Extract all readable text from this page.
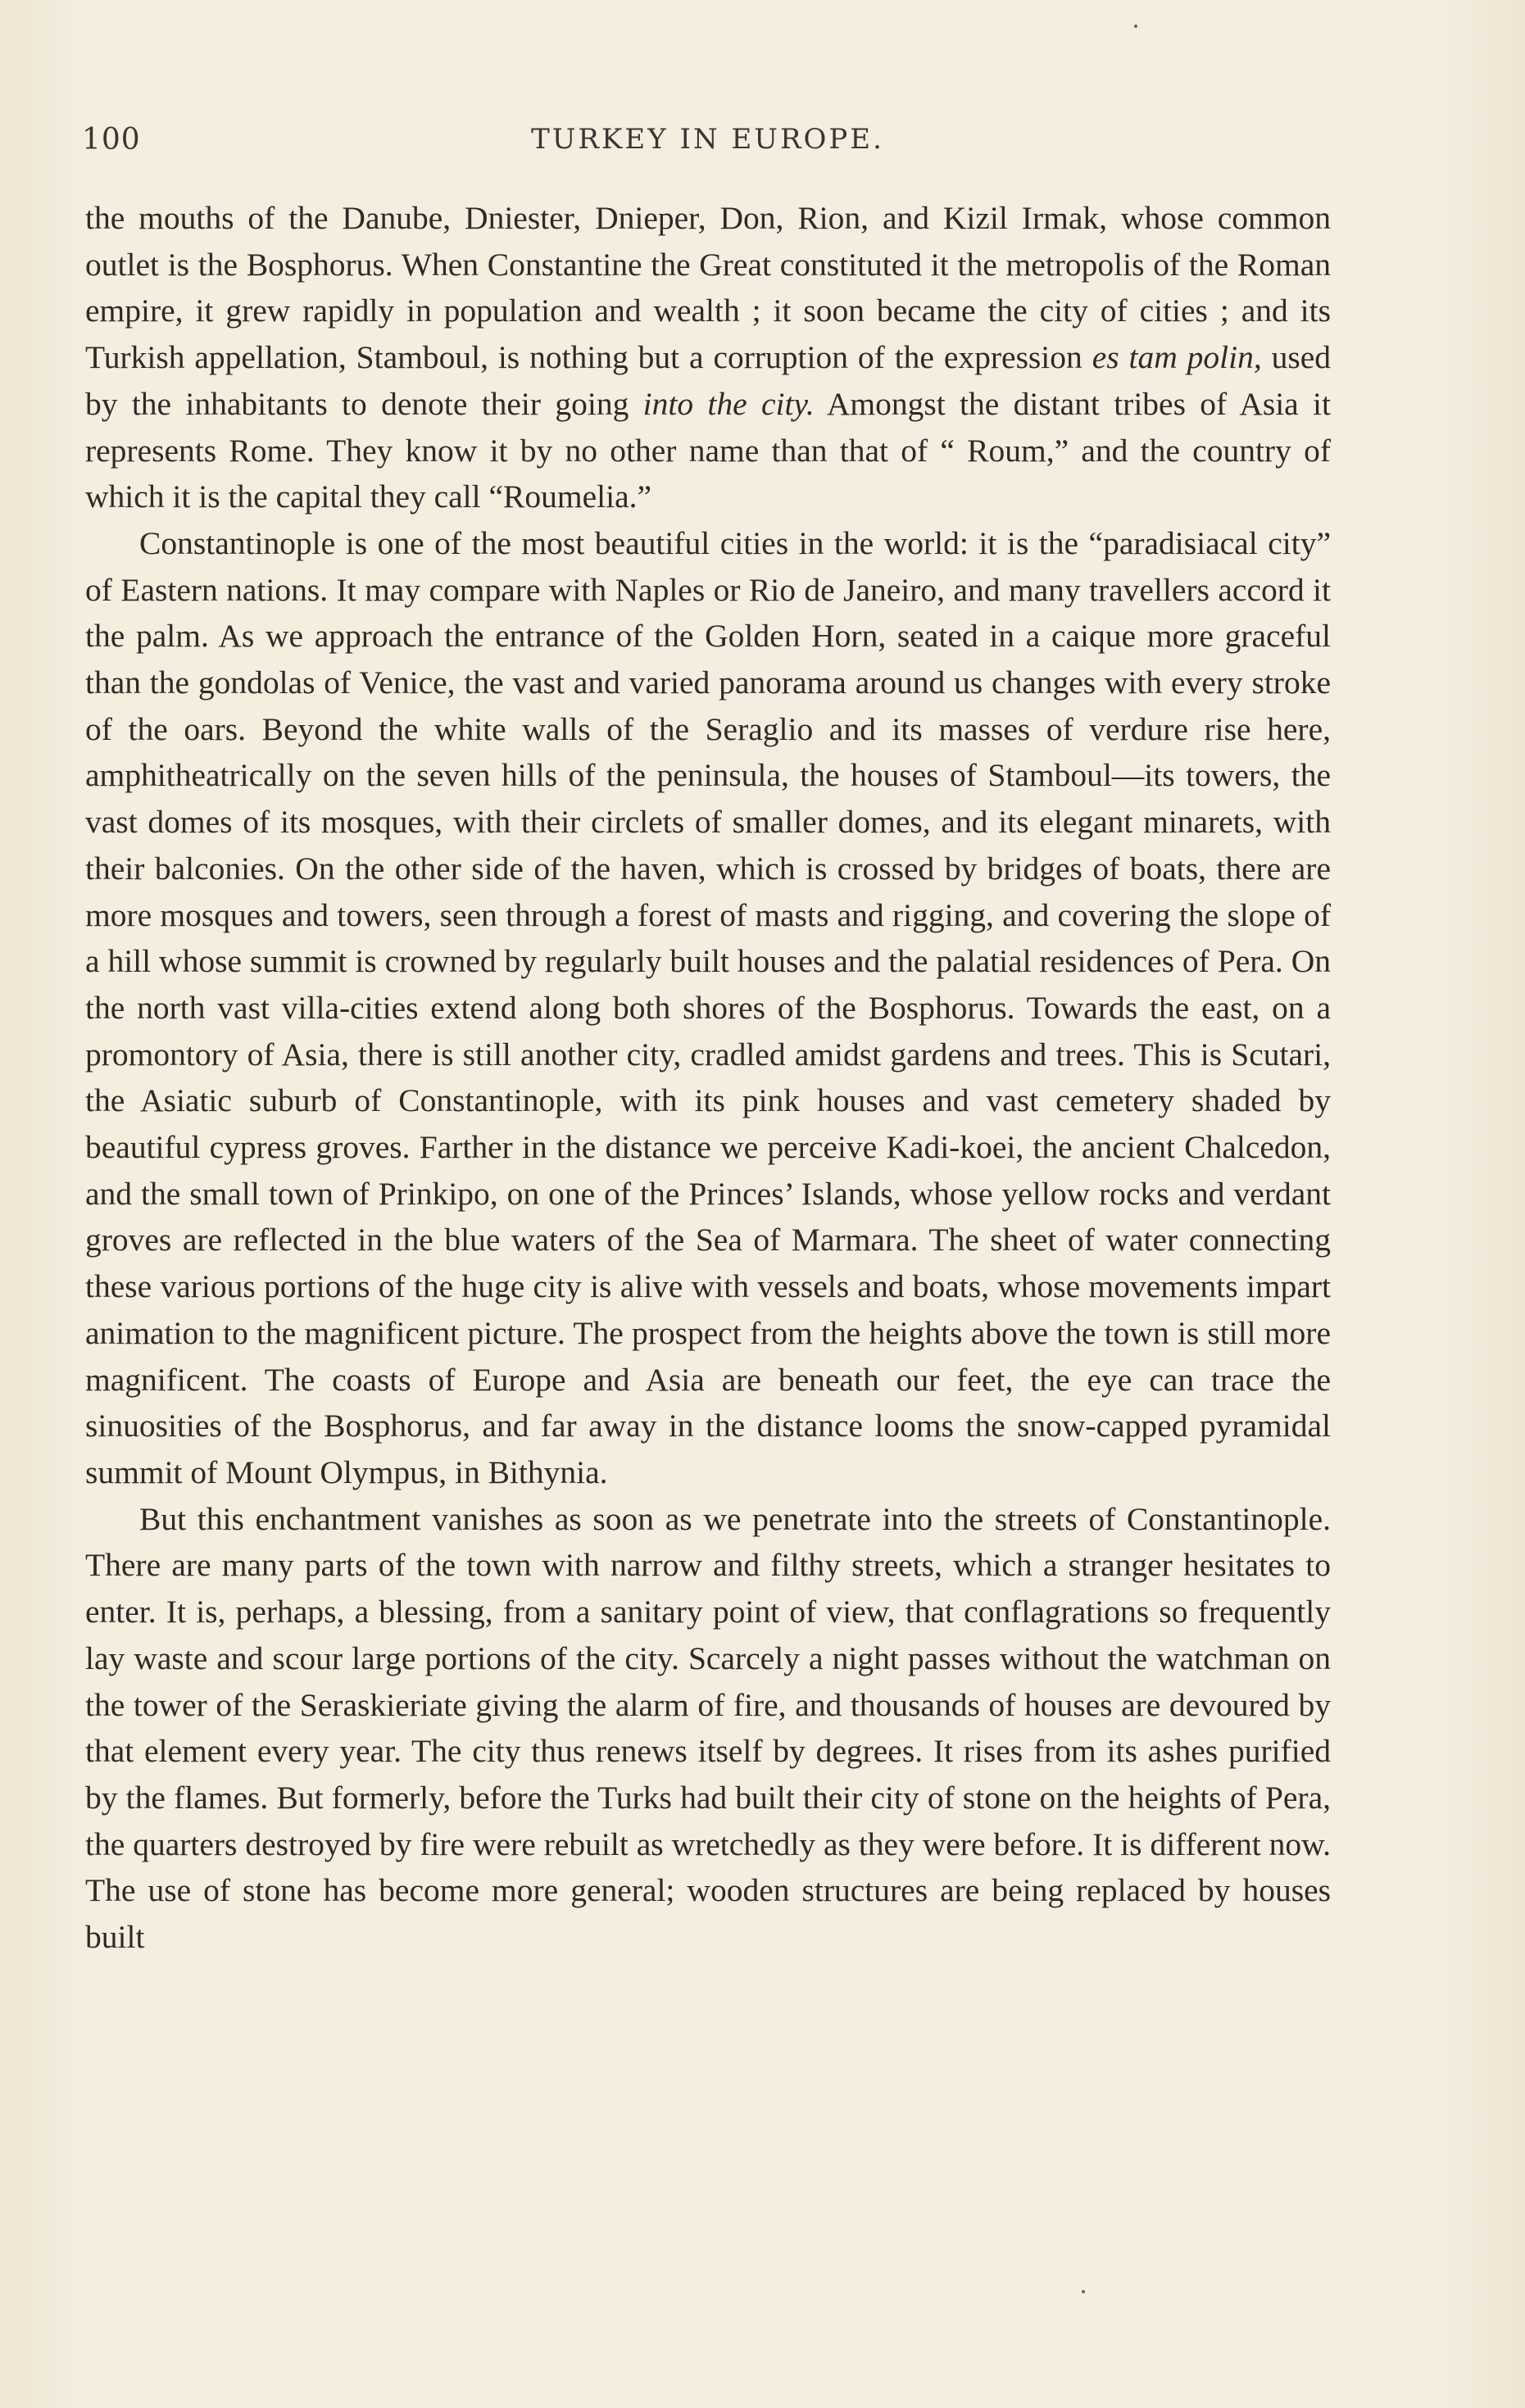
100	TURKEY IN EUROPE.

the mouths of the Danube, Dniester, Dnieper, Don, Rion, and Kizil Irmak, whose common outlet is the Bosphorus. When Constantine the Great constituted it the metropolis of the Roman empire, it grew rapidly in population and wealth ; it soon became the city of cities ; and its Turkish appellation, Stamboul, is nothing but a corruption of the expression es tam polin, used by the inhabitants to denote their going into the city. Amongst the distant tribes of Asia it represents Rome. They know it by no other name than that of “ Roum,” and the country of which it is the capital they call “Roumelia.”

Constantinople is one of the most beautiful cities in the world: it is the “paradisiacal city” of Eastern nations. It may compare with Naples or Rio de Janeiro, and many travellers accord it the palm. As we approach the entrance of the Golden Horn, seated in a caique more graceful than the gondolas of Venice, the vast and varied panorama around us changes with every stroke of the oars. Beyond the white walls of the Seraglio and its masses of verdure rise here, amphitheatrically on the seven hills of the peninsula, the houses of Stamboul—its towers, the vast domes of its mosques, with their circlets of smaller domes, and its elegant minarets, with their balconies. On the other side of the haven, which is crossed by bridges of boats, there are more mosques and towers, seen through a forest of masts and rigging, and covering the slope of a hill whose summit is crowned by regularly built houses and the palatial residences of Pera. On the north vast villa-cities extend along both shores of the Bosphorus. Towards the east, on a promontory of Asia, there is still another city, cradled amidst gardens and trees. This is Scutari, the Asiatic suburb of Constantinople, with its pink houses and vast cemetery shaded by beautiful cypress groves. Farther in the distance we perceive Kadi-koei, the ancient Chalcedon, and the small town of Prinkipo, on one of the Princes’ Islands, whose yellow rocks and verdant groves are reflected in the blue waters of the Sea of Marmara. The sheet of water connecting these various portions of the huge city is alive with vessels and boats, whose movements impart animation to the magnificent picture. The prospect from the heights above the town is still more magnificent. The coasts of Europe and Asia are beneath our feet, the eye can trace the sinuosities of the Bosphorus, and far away in the distance looms the snow-capped pyramidal summit of Mount Olympus, in Bithynia.

But this enchantment vanishes as soon as we penetrate into the streets of Constantinople. There are many parts of the town with narrow and filthy streets, which a stranger hesitates to enter. It is, perhaps, a blessing, from a sanitary point of view, that conflagrations so frequently lay waste and scour large portions of the city. Scarcely a night passes without the watchman on the tower of the Seraskieriate giving the alarm of fire, and thousands of houses are devoured by that element every year. The city thus renews itself by degrees. It rises from its ashes purified by the flames. But formerly, before the Turks had built their city of stone on the heights of Pera, the quarters destroyed by fire were rebuilt as wretchedly as they were before. It is different now. The use of stone has become more general; wooden structures are being replaced by houses built
